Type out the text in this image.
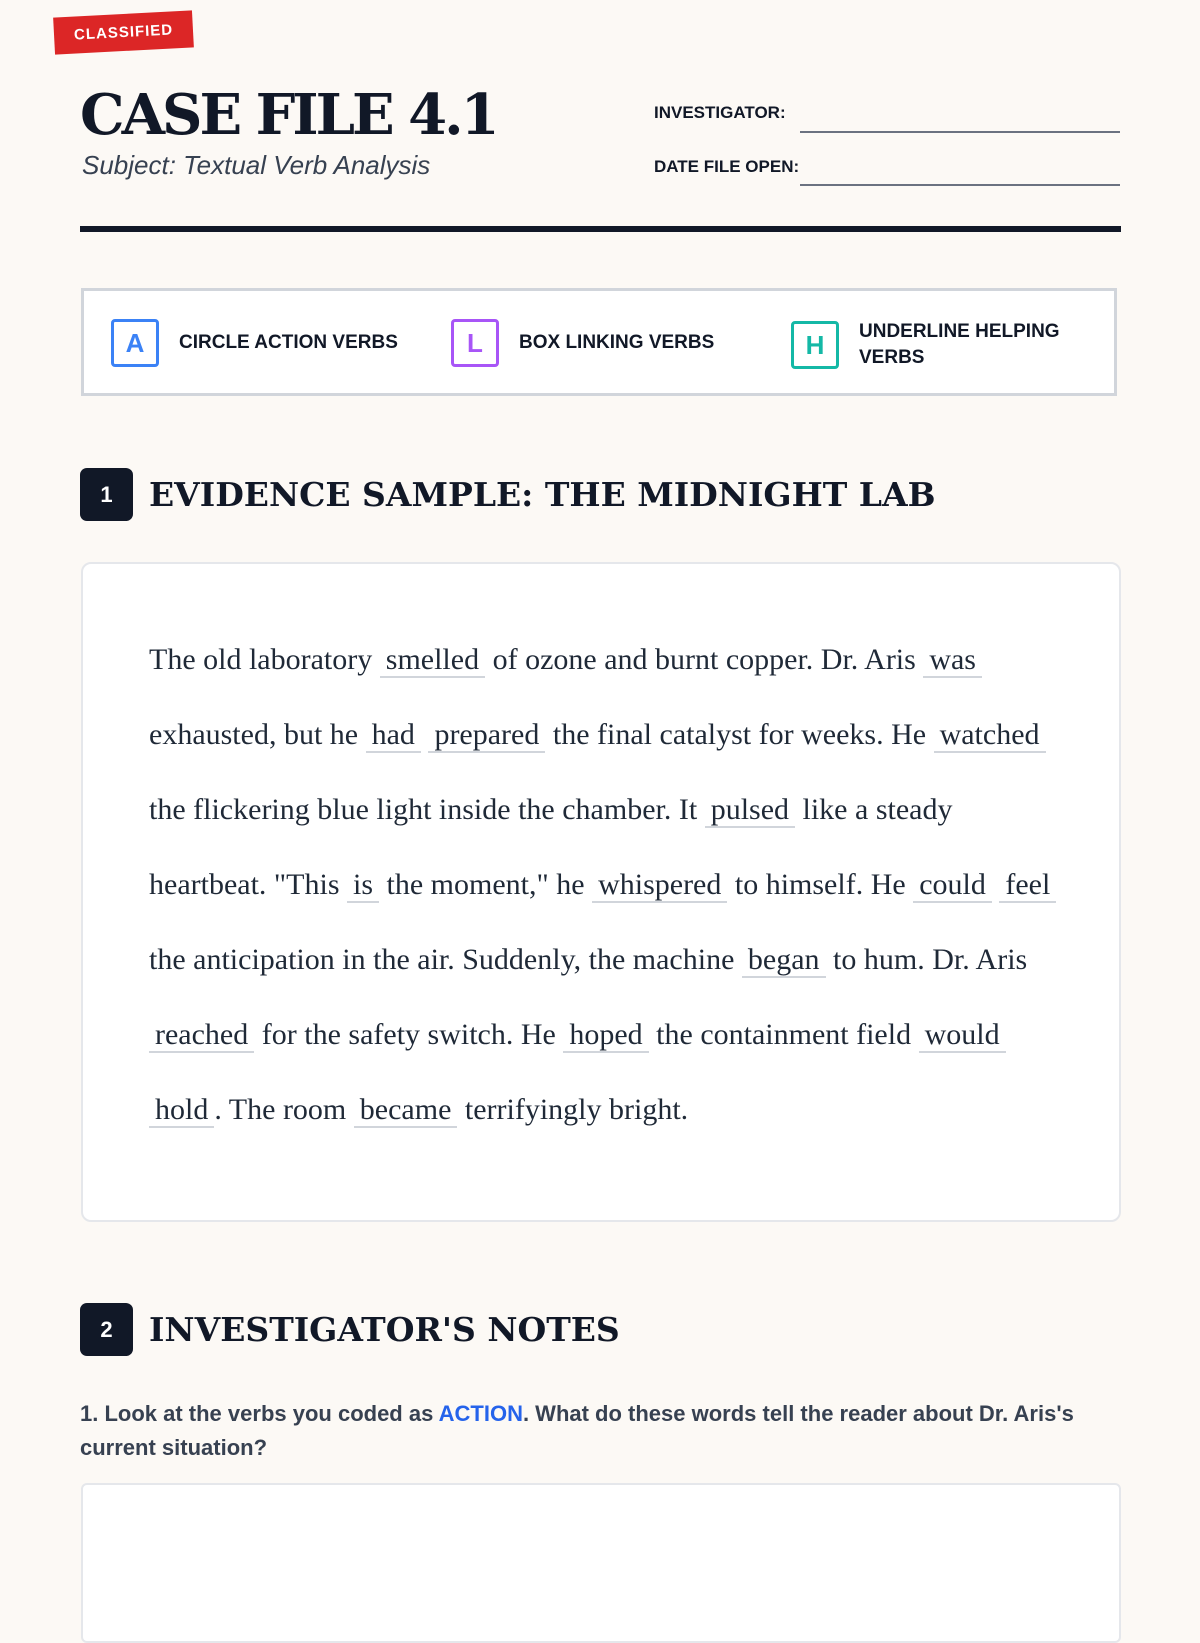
CLASSIFIED
CASE FILE 4.1
Subject: Textual Verb Analysis
INVESTIGATOR:
DATE FILE OPEN:
A	CIRCLE ACTION VERBS	L	BOX LINKING VERBS	H	UNDERLINE HELPING VERBS
1	EVIDENCE SAMPLE: THE MIDNIGHT LAB

The old laboratory smelled of ozone and burnt copper. Dr. Aris was exhausted, but he had prepared the final catalyst for weeks. He watched the flickering blue light inside the chamber. It pulsed like a steady heartbeat. "This is the moment," he whispered to himself. He could feel the anticipation in the air. Suddenly, the machine began to hum. Dr. Aris reached for the safety switch. He hoped the containment field would hold . The room became terrifyingly bright.

2	INVESTIGATOR'S NOTES

1. Look at the verbs you coded as ACTION. What do these words tell the reader about Dr. Aris's current situation?
